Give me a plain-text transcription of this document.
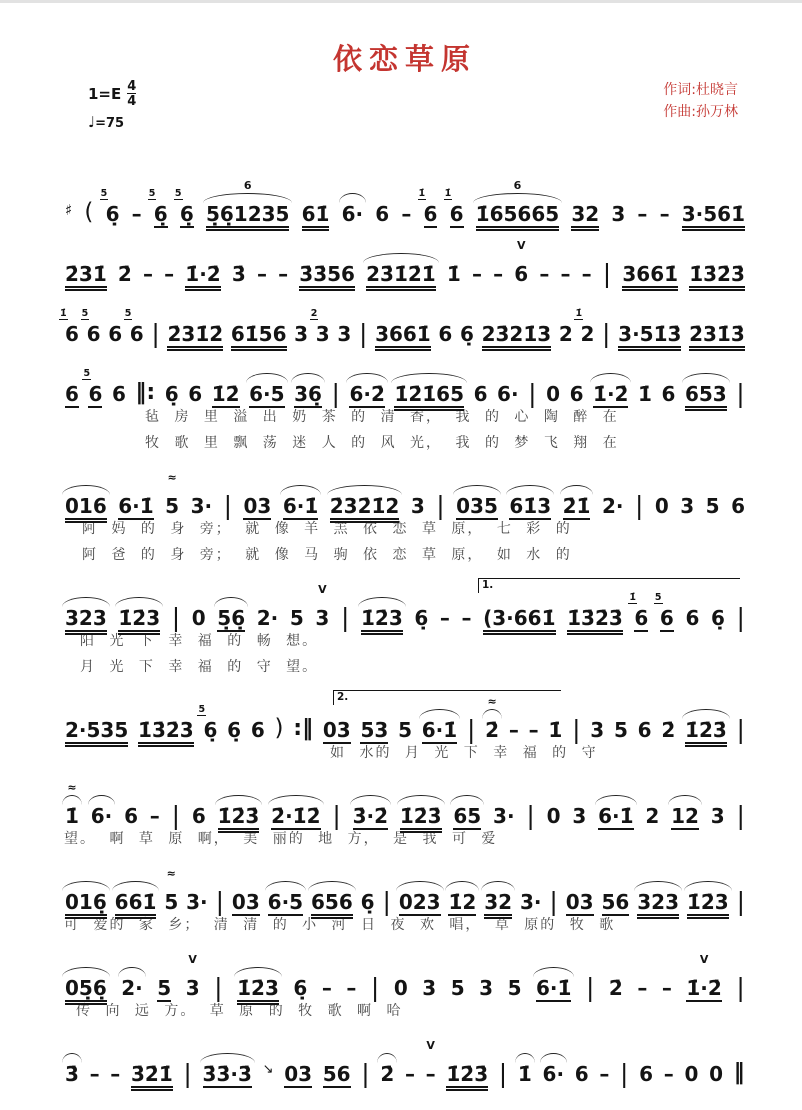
依恋草原
$1=E \frac{4}{4}$
♩=75
作词:杜晓言
作曲:孙万林
♯ ( 6̣
5
– 6̣
5
6̣
5
5̣6̣1235
6
61̇ 6· 6 – 6
1̇
6
1̇
1̇65665
6
32 3 – – 3·561̇
2̇31̇ 2̇ – – 1̇·2̇ 3̇ – – 3̇3̇56 23̇1̇2̇1̇ 1̇ – – 6
V
– – – | 3661̇ 1̇3̇2̇3̇
6
1̇
6
5
6 6
5
| 2̇31̇2̇ 61̇56 3 3
2
3 | 3661̇ 6 6̣ 23̇21̇3 2 2
1̇
| 3·51̇3̇ 2̇31̇3̇
6 6
5
6 ‖: 6̣ 6 1̇2̇ 6·5 36̣ | 6·2̇ 1̇2̇1̇65 6 6· | 0 6 1̇·2̇ 1̇ 6 653 |
毡 房 里 溢 出 奶 茶 的 清 香， 我 的 心 陶 醉 在
牧 歌 里 飘 荡 迷 人 的 风 光， 我 的 梦 飞 翔 在
016 6·1̇ 5
≈
3· | 03 6·1̇ 2̇32̇1̇2 3 | 035 61̇3 2̇1̇ 2· | 0 3 5 6
阿 妈 的 身 旁； 就 像 羊 羔 依 恋 草 原， 七 彩 的
阿 爸 的 身 旁； 就 像 马 驹 依 恋 草 原， 如 水 的
323 1̇2̇3 | 0 5̣6̣ 2· 5 3
V
| 1̇2̇3 6̣ – –
1.
(3·661̇ 1̇3̇2̇3̇ 6
1̇
6
5
6 6̣ |
阳 光 下 幸 福 的 畅 想。
月 光 下 幸 福 的 守 望。
2·535 1̇3̇2̇3 6̣
5
6̣ 6 ) :‖
2.
03 53 5 6·1̇ | 2̇
≈
– – 1̇ | 3 5 6 2̇ 1̇2̇3̇ |
如 水的 月 光 下 幸 福 的 守
1̇
≈
6· 6 – | 6 1̇2̇3̇ 2̇·1̇2̇ | 3̇·2̇ 1̇2̇3̇ 65 3· | 0 3 6·1̇ 2 12 3 |
望。 啊 草 原 啊， 美 丽的 地 方， 是 我 可 爱
016̣ 661̇ 5
≈
3· | 03 6·5 656 6̣ | 023 1̇2 32 3· | 03 56 323 1̇2̇3 |
可 爱的 家 乡； 清 清 的 小 河 日 夜 欢 唱， 草 原的 牧 歌
05̣6̣ 2· 5 3
V
| 1̇2̇3 6̣ – – | 0 3 5 3 5 6·1̇ | 2̇ – – 1̇·2̇
V
|
传 向 远 方。 草 原 的 牧 歌 啊 哈
3̇ – – 3̇2̇1̇ | 3̇3̇·3̇ ↘ 03 56 | 2̇ – –
V
1̇2̇3̇ | 1̇ 6· 6 – | 6 – 0 0 ‖
